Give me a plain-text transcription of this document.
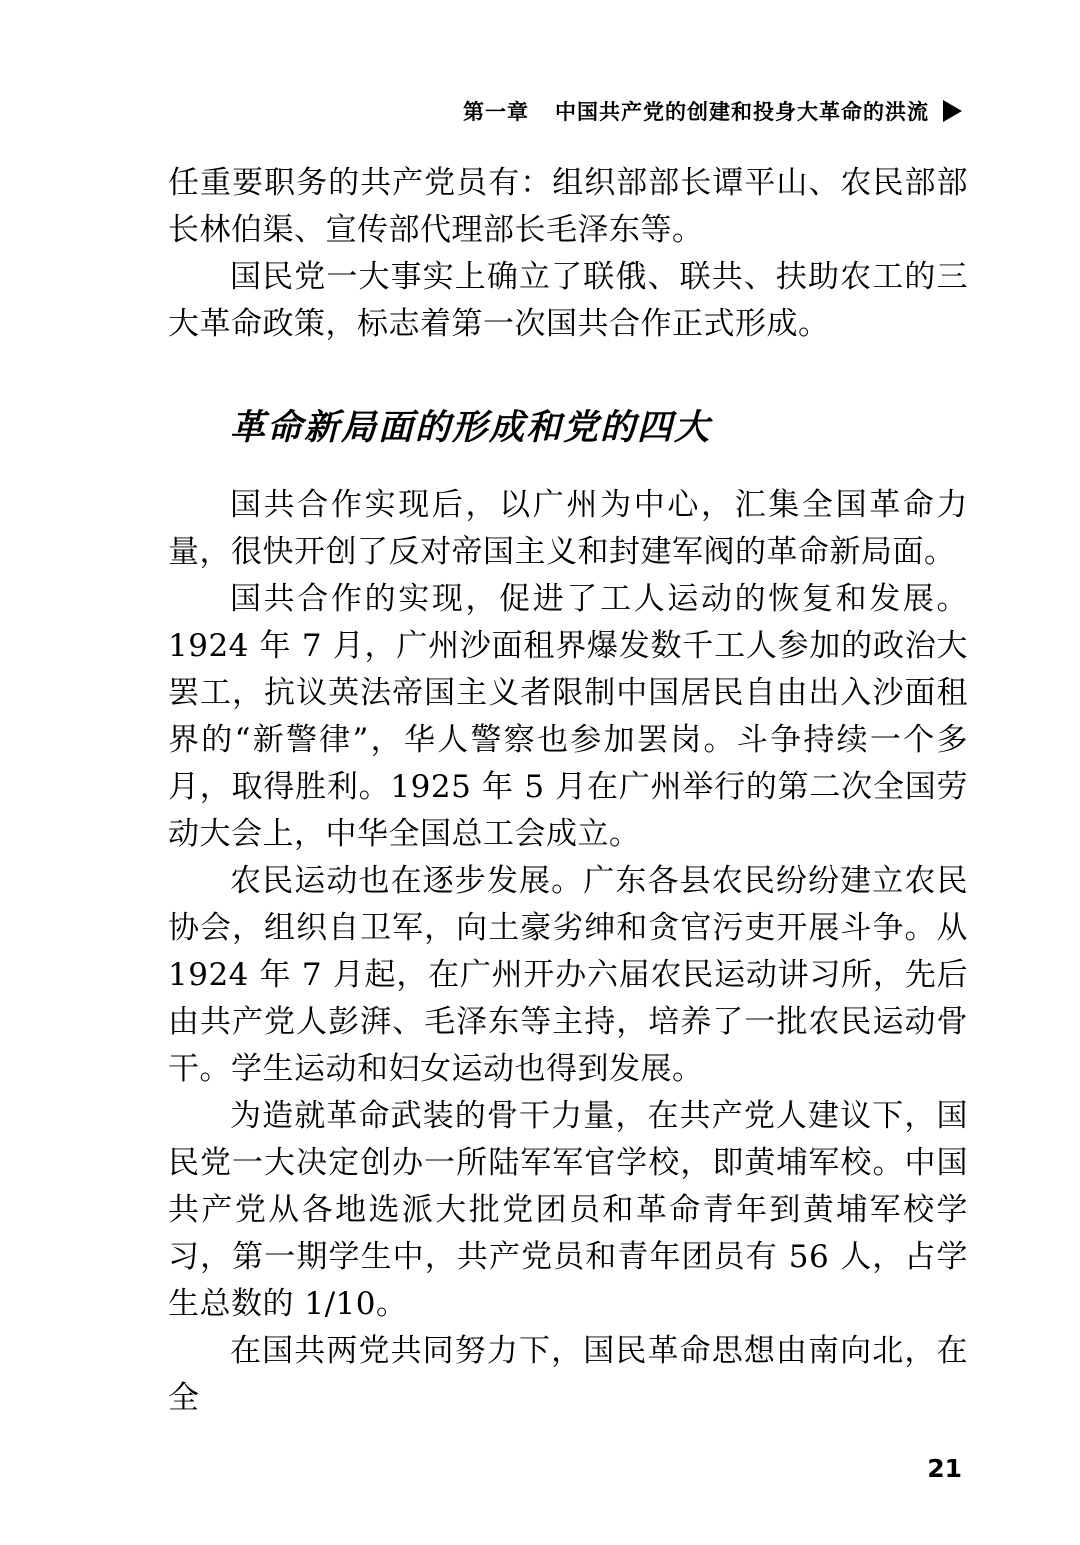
第一章 中国共产党的创建和投身大革命的洪流

任重要职务的共产党员有：组织部部长谭平山、农民部部长林伯渠、宣传部代理部长毛泽东等。

国民党一大事实上确立了联俄、联共、扶助农工的三大革命政策，标志着第一次国共合作正式形成。

革命新局面的形成和党的四大

国共合作实现后，以广州为中心，汇集全国革命力量，很快开创了反对帝国主义和封建军阀的革命新局面。

国共合作的实现，促进了工人运动的恢复和发展。1924 年 7 月，广州沙面租界爆发数千工人参加的政治大罢工，抗议英法帝国主义者限制中国居民自由出入沙面租界的“新警律”，华人警察也参加罢岗。斗争持续一个多月，取得胜利。1925 年 5 月在广州举行的第二次全国劳动大会上，中华全国总工会成立。

农民运动也在逐步发展。广东各县农民纷纷建立农民协会，组织自卫军，向土豪劣绅和贪官污吏开展斗争。从 1924 年 7 月起，在广州开办六届农民运动讲习所，先后由共产党人彭湃、毛泽东等主持，培养了一批农民运动骨干。学生运动和妇女运动也得到发展。

为造就革命武装的骨干力量，在共产党人建议下，国民党一大决定创办一所陆军军官学校，即黄埔军校。中国共产党从各地选派大批党团员和革命青年到黄埔军校学习，第一期学生中，共产党员和青年团员有 56 人，占学生总数的 1/10。

在国共两党共同努力下，国民革命思想由南向北，在全

21
